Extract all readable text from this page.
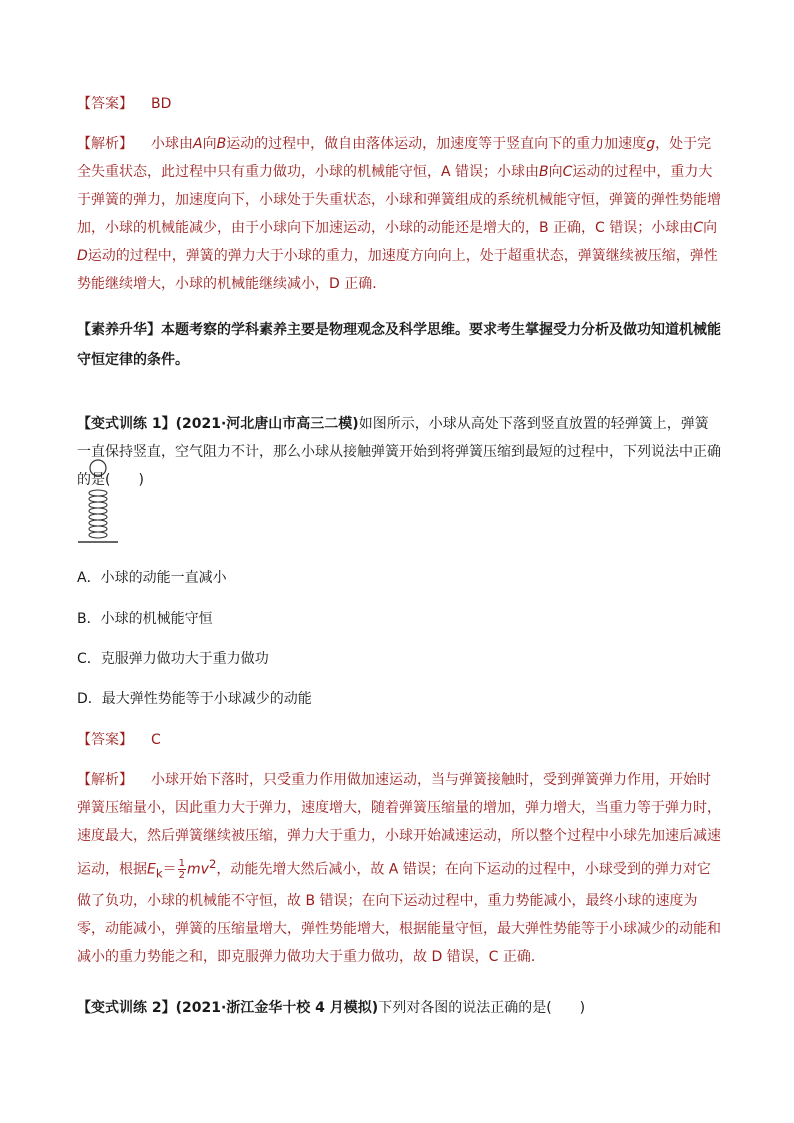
【答案】 BD

【解析】 小球由A向B运动的过程中，做自由落体运动，加速度等于竖直向下的重力加速度g，处于完全失重状态，此过程中只有重力做功，小球的机械能守恒，A 错误；小球由B向C运动的过程中，重力大于弹簧的弹力，加速度向下，小球处于失重状态，小球和弹簧组成的系统机械能守恒，弹簧的弹性势能增加，小球的机械能减少，由于小球向下加速运动，小球的动能还是增大的，B 正确，C 错误；小球由C向D运动的过程中，弹簧的弹力大于小球的重力，加速度方向向上，处于超重状态，弹簧继续被压缩，弹性势能继续增大，小球的机械能继续减小，D 正确．

【素养升华】本题考察的学科素养主要是物理观念及科学思维。要求考生掌握受力分析及做功知道机械能守恒定律的条件。

【变式训练 1】(2021·河北唐山市高三二模)如图所示，小球从高处下落到竖直放置的轻弹簧上，弹簧一直保持竖直，空气阻力不计，那么小球从接触弹簧开始到将弹簧压缩到最短的过程中，下列说法中正确的是(　　)

A．小球的动能一直减小
B．小球的机械能守恒
C．克服弹力做功大于重力做功
D．最大弹性势能等于小球减少的动能

【答案】 C

【解析】 小球开始下落时，只受重力作用做加速运动，当与弹簧接触时，受到弹簧弹力作用，开始时弹簧压缩量小，因此重力大于弹力，速度增大，随着弹簧压缩量的增加，弹力增大，当重力等于弹力时，速度最大，然后弹簧继续被压缩，弹力大于重力，小球开始减速运动，所以整个过程中小球先加速后减速运动，根据$E_k= \frac{1}{2} mv^2$，动能先增大然后减小，故 A 错误；在向下运动的过程中，小球受到的弹力对它做了负功，小球的机械能不守恒，故 B 错误；在向下运动过程中，重力势能减小，最终小球的速度为零，动能减小，弹簧的压缩量增大，弹性势能增大，根据能量守恒，最大弹性势能等于小球减少的动能和减小的重力势能之和，即克服弹力做功大于重力做功，故 D 错误，C 正确．

【变式训练 2】(2021·浙江金华十校 4 月模拟)下列对各图的说法正确的是(　　)
